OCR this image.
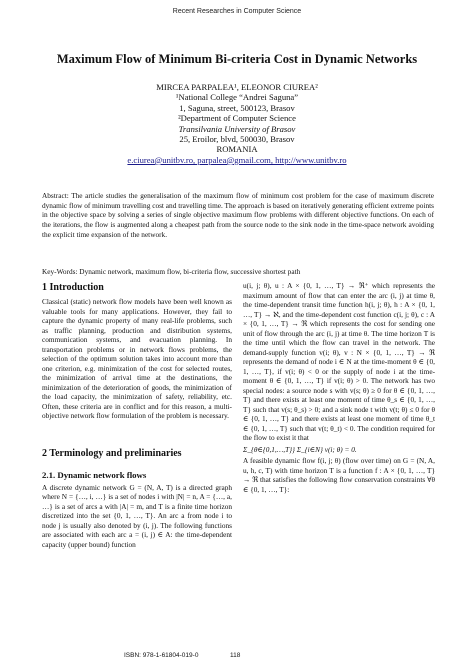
Recent Researches in Computer Science
Maximum Flow of Minimum Bi-criteria Cost in Dynamic Networks
MIRCEA PARPALEA¹, ELEONOR CIUREA²
¹National College “Andrei Saguna”
1, Saguna, street, 500123, Brasov
²Department of Computer Science
Transilvania University of Brasov
25, Eroilor, blvd, 500030, Brasov
ROMANIA
e.ciurea@unitbv.ro, parpalea@gmail.com, http://www.unitbv.ro

Abstract: The article studies the generalisation of the maximum flow of minimum cost problem for the case of maximum discrete dynamic flow of minimum travelling cost and travelling time. The approach is based on iteratively generating efficient extreme points in the objective space by solving a series of single objective maximum flow problems with different objective functions. On each of the iterations, the flow is augmented along a cheapest path from the source node to the sink node in the time-space network avoiding the explicit time expansion of the network.

Key-Words: Dynamic network, maximum flow, bi-criteria flow, successive shortest path

1 Introduction

Classical (static) network flow models have been well known as valuable tools for many applications. However, they fail to capture the dynamic property of many real-life problems, such as traffic planning, production and distribution systems, communication systems, and evacuation planning. In transportation problems or in network flows problems, the selection of the optimum solution takes into account more than one criterion, e.g. minimization of the cost for selected routes, the minimization of arrival time at the destinations, the minimization of the deterioration of goods, the minimization of the load capacity, the minimization of safety, reliability, etc. Often, these criteria are in conflict and for this reason, a multi-objective network flow formulation of the problem is necessary.

2 Terminology and preliminaries
2.1. Dynamic network flows

A discrete dynamic network G = (N, A, T) is a directed graph where N = {…, i, …} is a set of nodes i with |N| = n, A = {…, a, …} is a set of arcs a with |A| = m, and T is a finite time horizon discretized into the set {0, 1, …, T}. An arc a from node i to node j is usually also denoted by (i, j). The following functions are associated with each arc a = (i, j) ∈ A: the time-dependent capacity (upper bound) function

u(i, j; θ), u : A × {0, 1, …, T} → ℜ⁺ which represents the maximum amount of flow that can enter the arc (i, j) at time θ, the time-dependent transit time function h(i, j; θ), h : A × {0, 1, …, T} → ℵ, and the time-dependent cost function c(i, j; θ), c : A × {0, 1, …, T} → ℜ which represents the cost for sending one unit of flow through the arc (i, j) at time θ. The time horizon T is the time until which the flow can travel in the network. The demand-supply function v(i; θ), v : N × {0, 1, …, T} → ℜ represents the demand of node i ∈ N at the time-moment θ ∈ {0, 1, …, T}, if v(i; θ) < 0 or the supply of node i at the time-moment θ ∈ {0, 1, …, T} if v(i; θ) > 0. The network has two special nodes: a source node s with v(s; θ) ≥ 0 for θ ∈ {0, 1, …, T} and there exists at least one moment of time θ_s ∈ {0, 1, …, T} such that v(s; θ_s) > 0; and a sink node t with v(t; θ) ≤ 0 for θ ∈ {0, 1, …, T} and there exists at least one moment of time θ_t ∈ {0, 1, …, T} such that v(t; θ_t) < 0. The condition required for the flow to exist it that

Σ_{θ∈{0,1,…,T}} Σ_{i∈N} v(i; θ) = 0.

A feasible dynamic flow f(i, j; θ) (flow over time) on G = (N, A, u, h, c, T) with time horizon T is a function f : A × {0, 1, …, T} → ℜ that satisfies the following flow conservation constraints ∀θ ∈ {0, 1, …, T}:

ISBN: 978-1-61804-019-0	118
